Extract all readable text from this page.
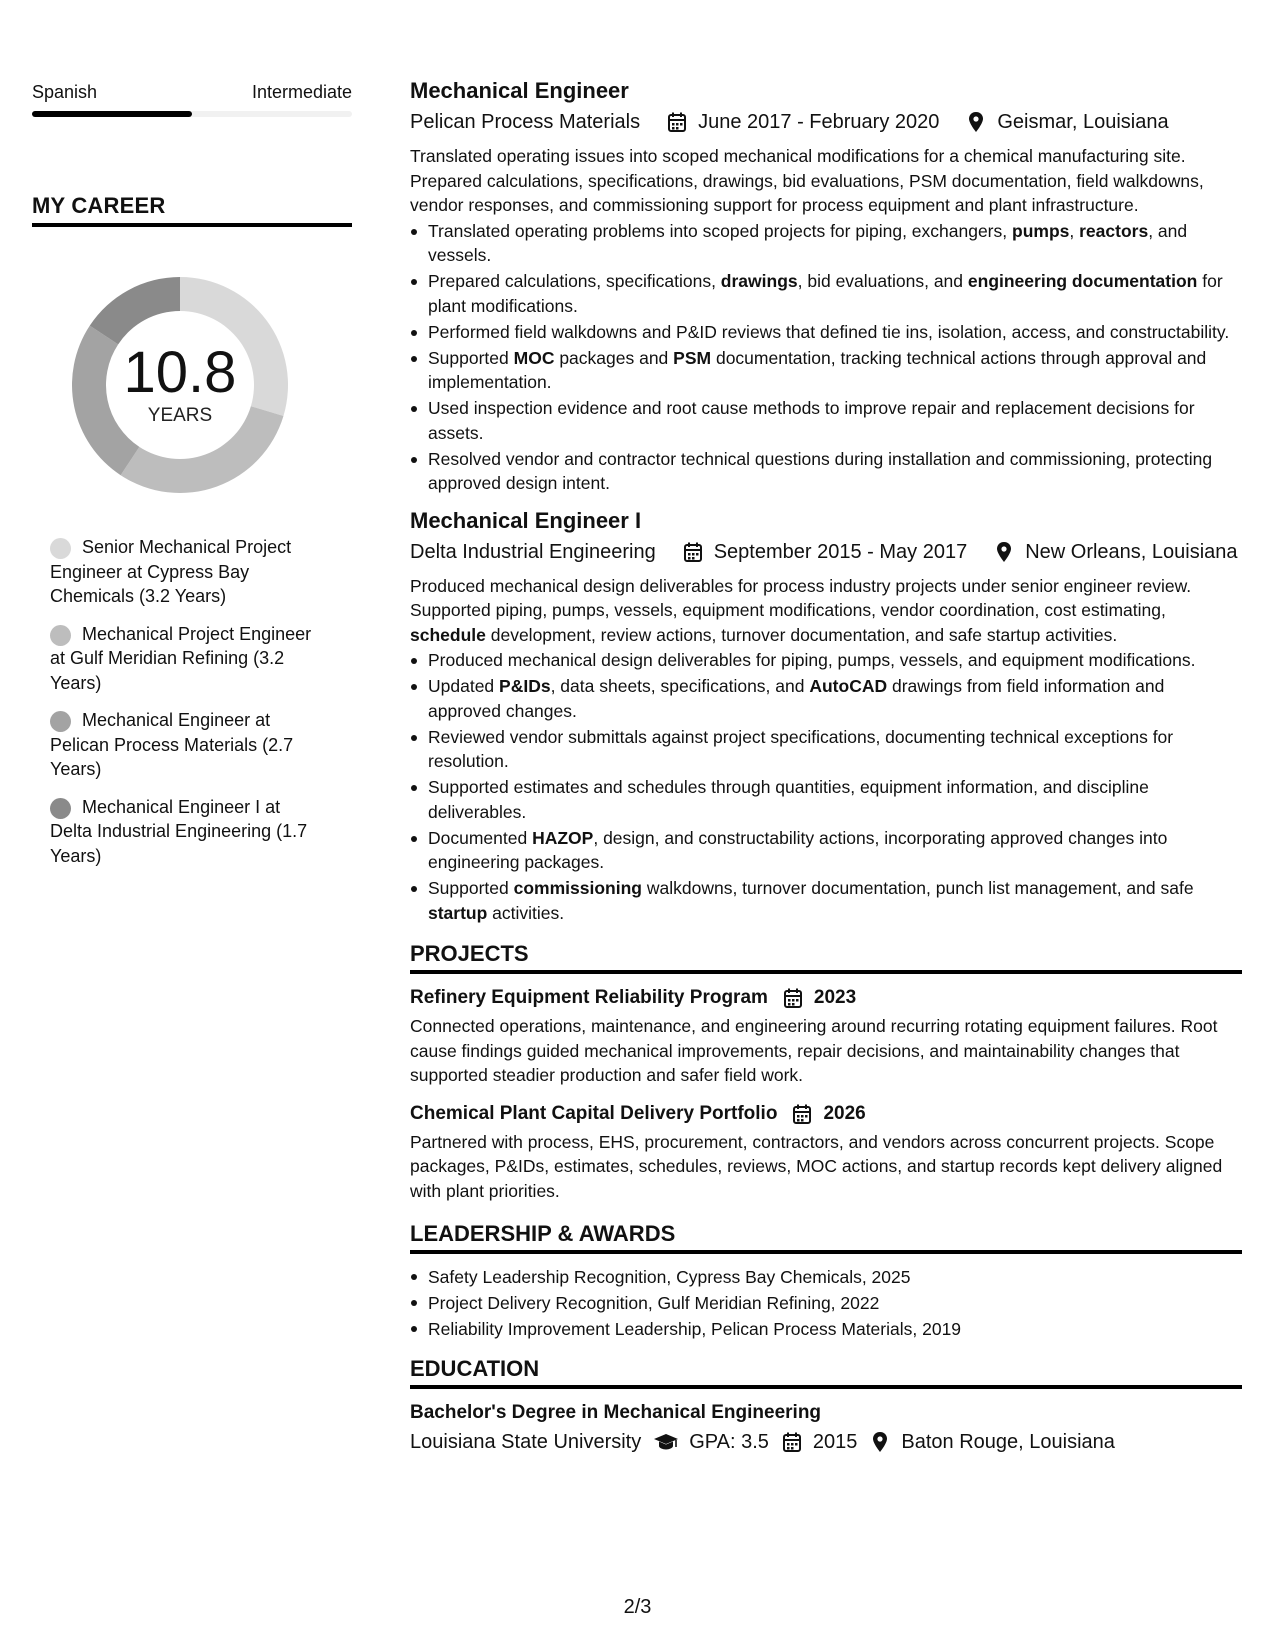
Spanish	Intermediate
MY CAREER
10.8
YEARS
Senior Mechanical Project Engineer at Cypress Bay Chemicals (3.2 Years)
Mechanical Project Engineer at Gulf Meridian Refining (3.2 Years)
Mechanical Engineer at Pelican Process Materials (2.7 Years)
Mechanical Engineer I at Delta Industrial Engineering (1.7 Years)
Mechanical Engineer
Pelican Process Materials	June 2017 - February 2020	Geismar, Louisiana
Translated operating issues into scoped mechanical modifications for a chemical manufacturing site. Prepared calculations, specifications, drawings, bid evaluations, PSM documentation, field walkdowns, vendor responses, and commissioning support for process equipment and plant infrastructure.
Translated operating problems into scoped projects for piping, exchangers, pumps, reactors, and vessels.
Prepared calculations, specifications, drawings, bid evaluations, and engineering documentation for plant modifications.
Performed field walkdowns and P&ID reviews that defined tie ins, isolation, access, and constructability.
Supported MOC packages and PSM documentation, tracking technical actions through approval and implementation.
Used inspection evidence and root cause methods to improve repair and replacement decisions for assets.
Resolved vendor and contractor technical questions during installation and commissioning, protecting approved design intent.
Mechanical Engineer I
Delta Industrial Engineering	September 2015 - May 2017	New Orleans, Louisiana
Produced mechanical design deliverables for process industry projects under senior engineer review. Supported piping, pumps, vessels, equipment modifications, vendor coordination, cost estimating, schedule development, review actions, turnover documentation, and safe startup activities.
Produced mechanical design deliverables for piping, pumps, vessels, and equipment modifications.
Updated P&IDs, data sheets, specifications, and AutoCAD drawings from field information and approved changes.
Reviewed vendor submittals against project specifications, documenting technical exceptions for resolution.
Supported estimates and schedules through quantities, equipment information, and discipline deliverables.
Documented HAZOP, design, and constructability actions, incorporating approved changes into engineering packages.
Supported commissioning walkdowns, turnover documentation, punch list management, and safe startup activities.
PROJECTS
Refinery Equipment Reliability Program 2023
Connected operations, maintenance, and engineering around recurring rotating equipment failures. Root cause findings guided mechanical improvements, repair decisions, and maintainability changes that supported steadier production and safer field work.
Chemical Plant Capital Delivery Portfolio 2026
Partnered with process, EHS, procurement, contractors, and vendors across concurrent projects. Scope packages, P&IDs, estimates, schedules, reviews, MOC actions, and startup records kept delivery aligned with plant priorities.
LEADERSHIP & AWARDS
Safety Leadership Recognition, Cypress Bay Chemicals, 2025
Project Delivery Recognition, Gulf Meridian Refining, 2022
Reliability Improvement Leadership, Pelican Process Materials, 2019
EDUCATION
Bachelor's Degree in Mechanical Engineering
Louisiana State University GPA: 3.5 2015 Baton Rouge, Louisiana
2/3
